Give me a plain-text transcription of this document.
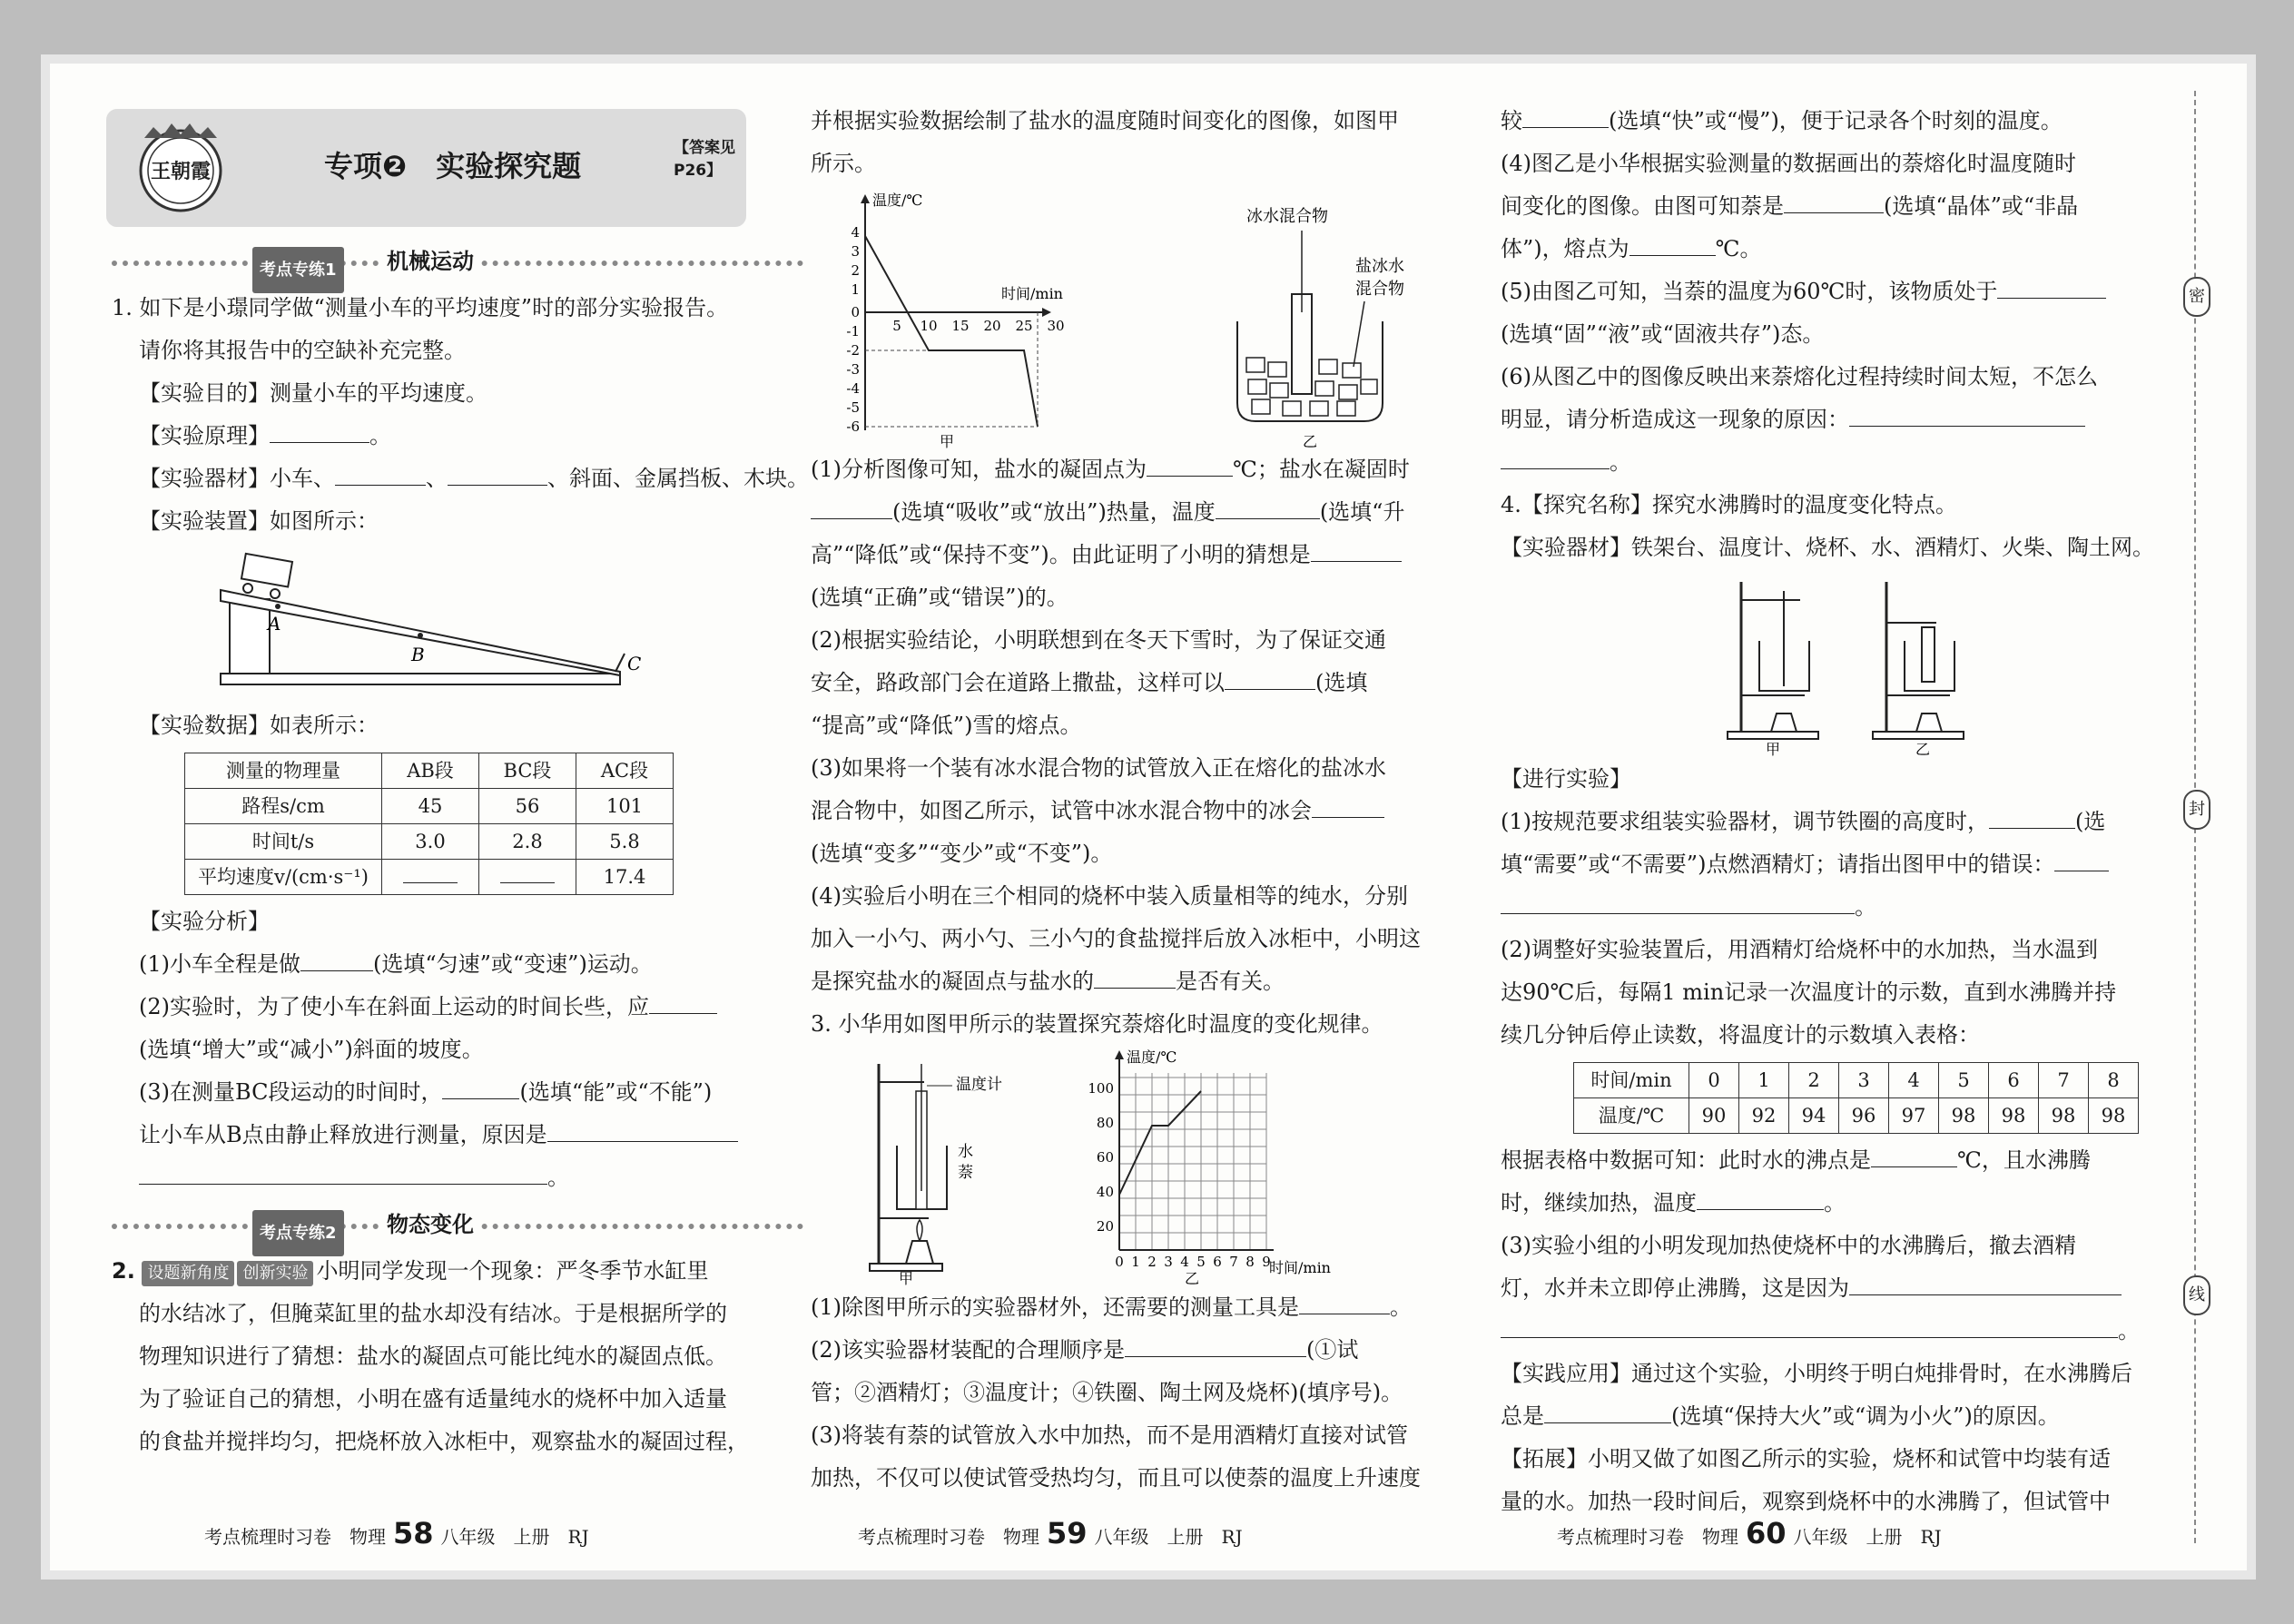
王朝霞	专项❷　实验探究题
【答案见 P26】
考点专练1	机械运动

1. 如下是小璟同学做“测量小车的平均速度”时的部分实验报告。

请你将其报告中的空缺补充完整。

【实验目的】测量小车的平均速度。

【实验原理】	。

【实验器材】小车、	、	、斜面、金属挡板、木块。

【实验装置】如图所示：

A
B	C

【实验数据】如表所示：

测量的物理量	AB段	BC段	AC段
路程s/cm	45	56	101
时间t/s	3.0	2.8	5.8
平均速度v/(cm·s⁻¹)			17.4

【实验分析】

(1)小车全程是做	(选填“匀速”或“变速”)运动。

(2)实验时，为了使小车在斜面上运动的时间长些，应

(选填“增大”或“减小”)斜面的坡度。

(3)在测量BC段运动的时间时，	(选填“能”或“不能”)

让小车从B点由静止释放进行测量，原因是

。

考点专练2	物态变化

2. 设题新角度 创新实验 小明同学发现一个现象：严冬季节水缸里

的水结冰了，但腌菜缸里的盐水却没有结冰。于是根据所学的

物理知识进行了猜想：盐水的凝固点可能比纯水的凝固点低。

为了验证自己的猜想，小明在盛有适量纯水的烧杯中加入适量

的食盐并搅拌均匀，把烧杯放入冰柜中，观察盐水的凝固过程，

并根据实验数据绘制了盐水的温度随时间变化的图像，如图甲

所示。

温度/℃
时间/min
4
3
2
1
0
-1
-2
-3
-4
-5
-6
5 10 15 20 25 30
甲
冰水混合物
盐冰水
混合物
乙

(1)分析图像可知，盐水的凝固点为	℃；盐水在凝固时

(选填“吸收”或“放出”)热量，温度	(选填“升

高”“降低”或“保持不变”)。由此证明了小明的猜想是

(选填“正确”或“错误”)的。

(2)根据实验结论，小明联想到在冬天下雪时，为了保证交通

安全，路政部门会在道路上撒盐，这样可以	(选填

“提高”或“降低”)雪的熔点。

(3)如果将一个装有冰水混合物的试管放入正在熔化的盐冰水

混合物中，如图乙所示，试管中冰水混合物中的冰会

(选填“变多”“变少”或“不变”)。

(4)实验后小明在三个相同的烧杯中装入质量相等的纯水，分别

加入一小勺、两小勺、三小勺的食盐搅拌后放入冰柜中，小明这

是探究盐水的凝固点与盐水的	是否有关。

3. 小华用如图甲所示的装置探究萘熔化时温度的变化规律。

温度计
水
萘
甲
温度/℃
时间/min
100
80
60
40
20
0 1 2 3 4 5 6 7 8 9
乙

(1)除图甲所示的实验器材外，还需要的测量工具是	。

(2)该实验器材装配的合理顺序是	(①试

管；②酒精灯；③温度计；④铁圈、陶土网及烧杯)(填序号)。

(3)将装有萘的试管放入水中加热，而不是用酒精灯直接对试管

加热，不仅可以使试管受热均匀，而且可以使萘的温度上升速度

较	(选填“快”或“慢”)，便于记录各个时刻的温度。

(4)图乙是小华根据实验测量的数据画出的萘熔化时温度随时

间变化的图像。由图可知萘是	(选填“晶体”或“非晶

体”)，熔点为	℃。

(5)由图乙可知，当萘的温度为60℃时，该物质处于

(选填“固”“液”或“固液共存”)态。

(6)从图乙中的图像反映出来萘熔化过程持续时间太短，不怎么

明显，请分析造成这一现象的原因：

。

4.【探究名称】探究水沸腾时的温度变化特点。

【实验器材】铁架台、温度计、烧杯、水、酒精灯、火柴、陶土网。

甲	乙

【进行实验】

(1)按规范要求组装实验器材，调节铁圈的高度时，	(选

填“需要”或“不需要”)点燃酒精灯；请指出图甲中的错误：

。

(2)调整好实验装置后，用酒精灯给烧杯中的水加热，当水温到

达90℃后，每隔1 min记录一次温度计的示数，直到水沸腾并持

续几分钟后停止读数，将温度计的示数填入表格：

时间/min	0	1	2	3	4	5	6	7	8
温度/℃	90	92	94	96	97	98	98	98	98

根据表格中数据可知：此时水的沸点是	℃，且水沸腾

时，继续加热，温度	。

(3)实验小组的小明发现加热使烧杯中的水沸腾后，撤去酒精

灯，水并未立即停止沸腾，这是因为

。

【实践应用】通过这个实验，小明终于明白炖排骨时，在水沸腾后

总是	(选填“保持大火”或“调为小火”)的原因。

【拓展】小明又做了如图乙所示的实验，烧杯和试管中均装有适

量的水。加热一段时间后，观察到烧杯中的水沸腾了，但试管中

密
封
线
考点梳理时习卷　物理 58 八年级　上册　RJ	考点梳理时习卷　物理 59 八年级　上册　RJ	考点梳理时习卷　物理 60 八年级　上册　RJ
